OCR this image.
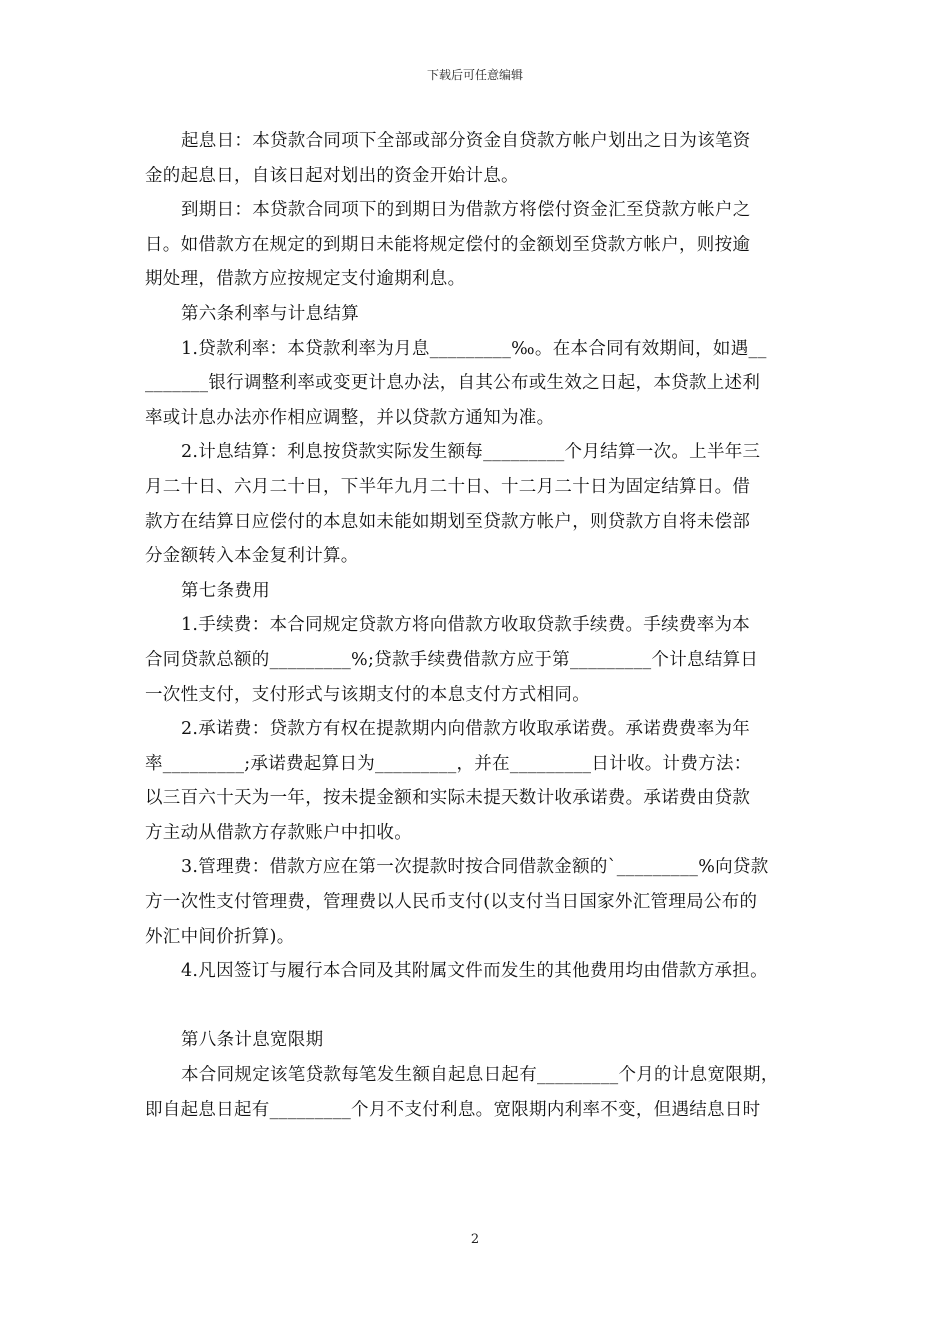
下载后可任意编辑
起息日：本贷款合同项下全部或部分资金自贷款方帐户划出之日为该笔资
金的起息日，自该日起对划出的资金开始计息。
到期日：本贷款合同项下的到期日为借款方将偿付资金汇至贷款方帐户之
日。如借款方在规定的到期日未能将规定偿付的金额划至贷款方帐户，则按逾
期处理，借款方应按规定支付逾期利息。
第六条利率与计息结算
1.贷款利率：本贷款利率为月息_________‰。在本合同有效期间，如遇__
_______银行调整利率或变更计息办法，自其公布或生效之日起，本贷款上述利
率或计息办法亦作相应调整，并以贷款方通知为准。
2.计息结算：利息按贷款实际发生额每_________个月结算一次。上半年三
月二十日、六月二十日，下半年九月二十日、十二月二十日为固定结算日。借
款方在结算日应偿付的本息如未能如期划至贷款方帐户，则贷款方自将未偿部
分金额转入本金复利计算。
第七条费用
1.手续费：本合同规定贷款方将向借款方收取贷款手续费。手续费率为本
合同贷款总额的_________%;贷款手续费借款方应于第_________个计息结算日
一次性支付，支付形式与该期支付的本息支付方式相同。
2.承诺费：贷款方有权在提款期内向借款方收取承诺费。承诺费费率为年
率_________;承诺费起算日为_________，并在_________日计收。计费方法：
以三百六十天为一年，按未提金额和实际未提天数计收承诺费。承诺费由贷款
方主动从借款方存款账户中扣收。
3.管理费：借款方应在第一次提款时按合同借款金额的`_________%向贷款
方一次性支付管理费，管理费以人民币支付(以支付当日国家外汇管理局公布的
外汇中间价折算)。
4.凡因签订与履行本合同及其附属文件而发生的其他费用均由借款方承担。
第八条计息宽限期
本合同规定该笔贷款每笔发生额自起息日起有_________个月的计息宽限期，
即自起息日起有_________个月不支付利息。宽限期内利率不变，但遇结息日时
2
